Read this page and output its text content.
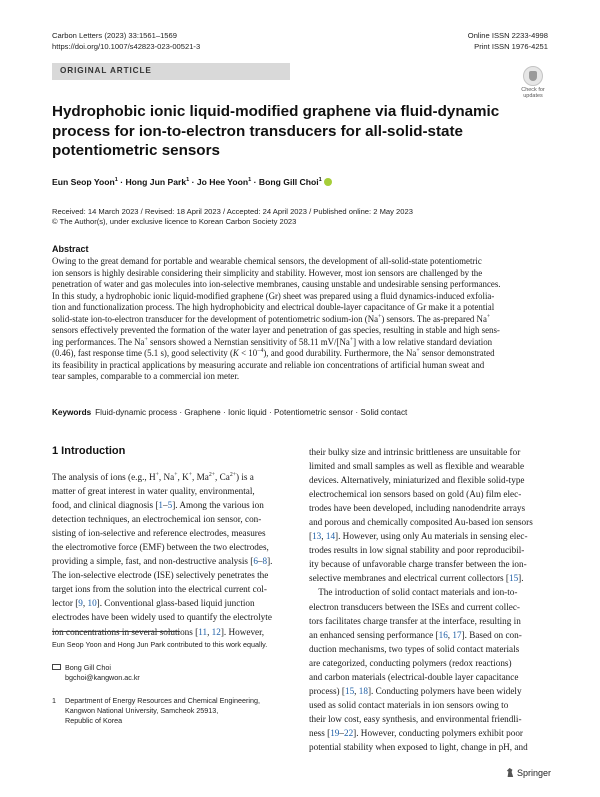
Carbon Letters (2023) 33:1561–1569
https://doi.org/10.1007/s42823-023-00521-3
Online ISSN 2233-4998
Print ISSN 1976-4251
ORIGINAL ARTICLE
Check for
updates
Hydrophobic ionic liquid-modified graphene via fluid-dynamic
process for ion-to-electron transducers for all-solid-state
potentiometric sensors
Eun Seop Yoon$^1$ · Hong Jun Park$^1$ · Jo Hee Yoon$^1$ · Bong Gill Choi$^1$
Received: 14 March 2023 / Revised: 18 April 2023 / Accepted: 24 April 2023 / Published online: 2 May 2023
© The Author(s), under exclusive licence to Korean Carbon Society 2023
Abstract
Owing to the great demand for portable and wearable chemical sensors, the development of all-solid-state potentiometric
ion sensors is highly desirable considering their simplicity and stability. However, most ion sensors are challenged by the
penetration of water and gas molecules into ion-selective membranes, causing unstable and undesirable sensing performances.
In this study, a hydrophobic ionic liquid-modified graphene (Gr) sheet was prepared using a fluid dynamics-induced exfolia-
tion and functionalization process. The high hydrophobicity and electrical double-layer capacitance of Gr make it a potential
solid-state ion-to-electron transducer for the development of potentiometric sodium-ion (Na+) sensors. The as-prepared Na+
sensors effectively prevented the formation of the water layer and penetration of gas species, resulting in stable and high sens-
ing performances. The Na+ sensors showed a Nernstian sensitivity of 58.11 mV/[Na+] with a low relative standard deviation
(0.46), fast response time (5.1 s), good selectivity $(K < 10^{-4})$, and good durability. Furthermore, the Na+ sensor demonstrated
its feasibility in practical applications by measuring accurate and reliable ion concentrations of artificial human sweat and
tear samples, comparable to a commercial ion meter.
Keywords Fluid-dynamic process · Graphene · Ionic liquid · Potentiometric sensor · Solid contact
1 Introduction
The analysis of ions (e.g., H+, Na+, K+, $Ma^{2+}$, $Ca^{2+}$) is a
matter of great interest in water quality, environmental,
food, and clinical diagnosis [1–5]. Among the various ion
detection techniques, an electrochemical ion sensor, con-
sisting of ion-selective and reference electrodes, measures
the electromotive force (EMF) between the two electrodes,
providing a simple, fast, and non-destructive analysis [6–8].
The ion-selective electrode (ISE) selectively penetrates the
target ions from the solution into the electrical current col-
lector [9, 10]. Conventional glass-based liquid junction
electrodes have been widely used to quantify the electrolyte
ion concentrations in several solutions [11, 12]. However,
Eun Seop Yoon and Hong Jun Park contributed to this work equally.
Bong Gill Choi
bgchoi@kangwon.ac.kr
1	Department of Energy Resources and Chemical Engineering,
Kangwon National University, Samcheok 25913,
Republic of Korea
their bulky size and intrinsic brittleness are unsuitable for
limited and small samples as well as flexible and wearable
devices. Alternatively, miniaturized and flexible solid-type
electrochemical ion sensors based on gold (Au) film elec-
trodes have been developed, including nanodendrite arrays
and porous and chemically composited Au-based ion sensors
[13, 14]. However, using only Au materials in sensing elec-
trodes results in low signal stability and poor reproducibil-
ity because of unfavorable charge transfer between the ion-
selective membranes and electrical current collectors [15].
The introduction of solid contact materials and ion-to-
electron transducers between the ISEs and current collec-
tors facilitates charge transfer at the interface, resulting in
an enhanced sensing performance [16, 17]. Based on con-
duction mechanisms, two types of solid contact materials
are categorized, conducting polymers (redox reactions)
and carbon materials (electrical-double layer capacitance
process) [15, 18]. Conducting polymers have been widely
used as solid contact materials in ion sensors owing to
their low cost, easy synthesis, and environmental friendli-
ness [19–22]. However, conducting polymers exhibit poor
potential stability when exposed to light, change in pH, and
Springer
